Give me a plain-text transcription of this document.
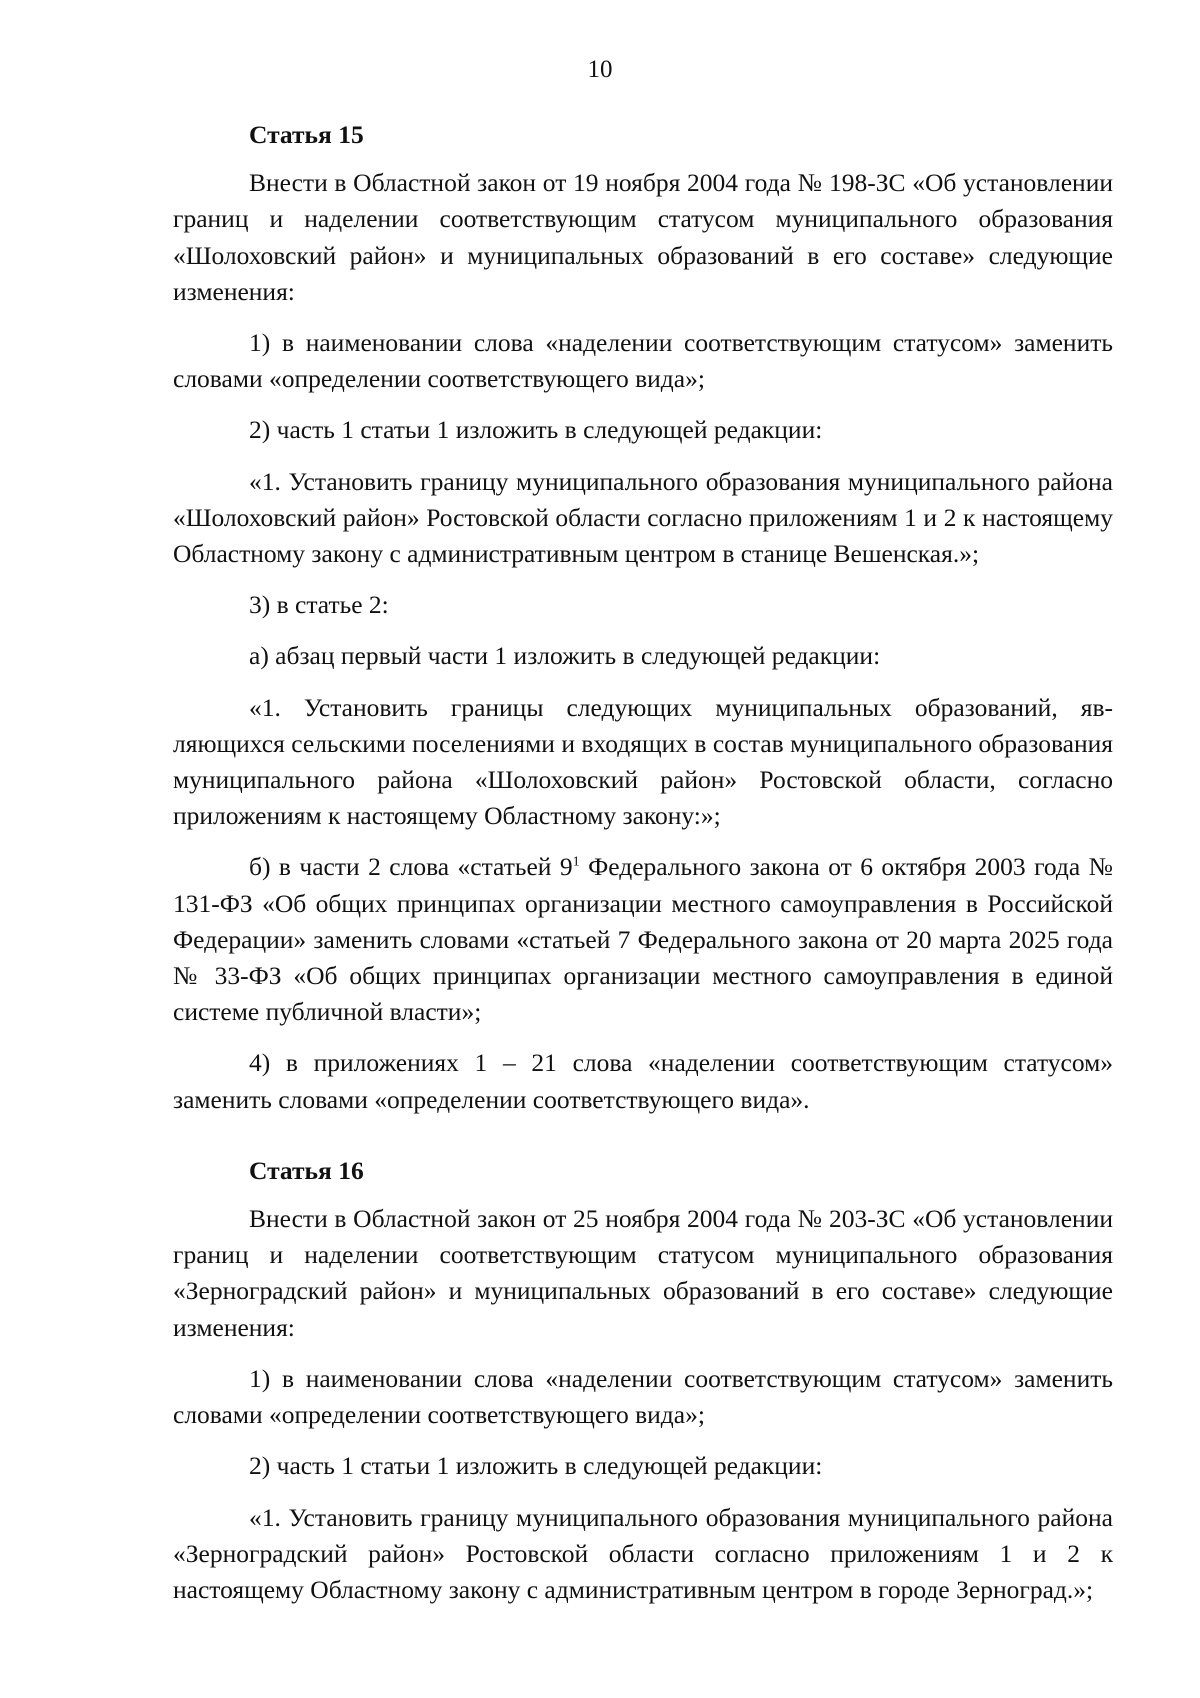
10
Статья 15

Внести в Областной закон от 19 ноября 2004 года № 198-ЗС «Об установлении границ и наделении соответствующим статусом муниципального образования «Шолоховский район» и муниципальных образований в его составе» следующие изменения:

1) в наименовании слова «наделении соответствующим статусом» заменить словами «определении соответствующего вида»;

2) часть 1 статьи 1 изложить в следующей редакции:

«1. Установить границу муниципального образования муниципального района «Шолоховский район» Ростовской области согласно приложениям 1 и 2 к настоящему Областному закону с административным центром в станице Вешенская.»;

3) в статье 2:

а) абзац первый части 1 изложить в следующей редакции:

«1. Установить границы следующих муниципальных образований, являющихся сельскими поселениями и входящих в состав муниципального образования муниципального района «Шолоховский район» Ростовской области, согласно приложениям к настоящему Областному закону:»;

б) в части 2 слова «статьей $9^1$ Федерального закона от 6 октября 2003 года № 131-ФЗ «Об общих принципах организации местного самоуправления в Российской Федерации» заменить словами «статьей 7 Федерального закона от 20 марта 2025 года № 33-ФЗ «Об общих принципах организации местного самоуправления в единой системе публичной власти»;

4) в приложениях 1 – 21 слова «наделении соответствующим статусом» заменить словами «определении соответствующего вида».

Статья 16

Внести в Областной закон от 25 ноября 2004 года № 203-ЗС «Об установлении границ и наделении соответствующим статусом муниципального образования «Зерноградский район» и муниципальных образований в его составе» следующие изменения:

1) в наименовании слова «наделении соответствующим статусом» заменить словами «определении соответствующего вида»;

2) часть 1 статьи 1 изложить в следующей редакции:

«1. Установить границу муниципального образования муниципального района «Зерноградский район» Ростовской области согласно приложениям 1 и 2 к настоящему Областному закону с административным центром в городе Зерноград.»;
